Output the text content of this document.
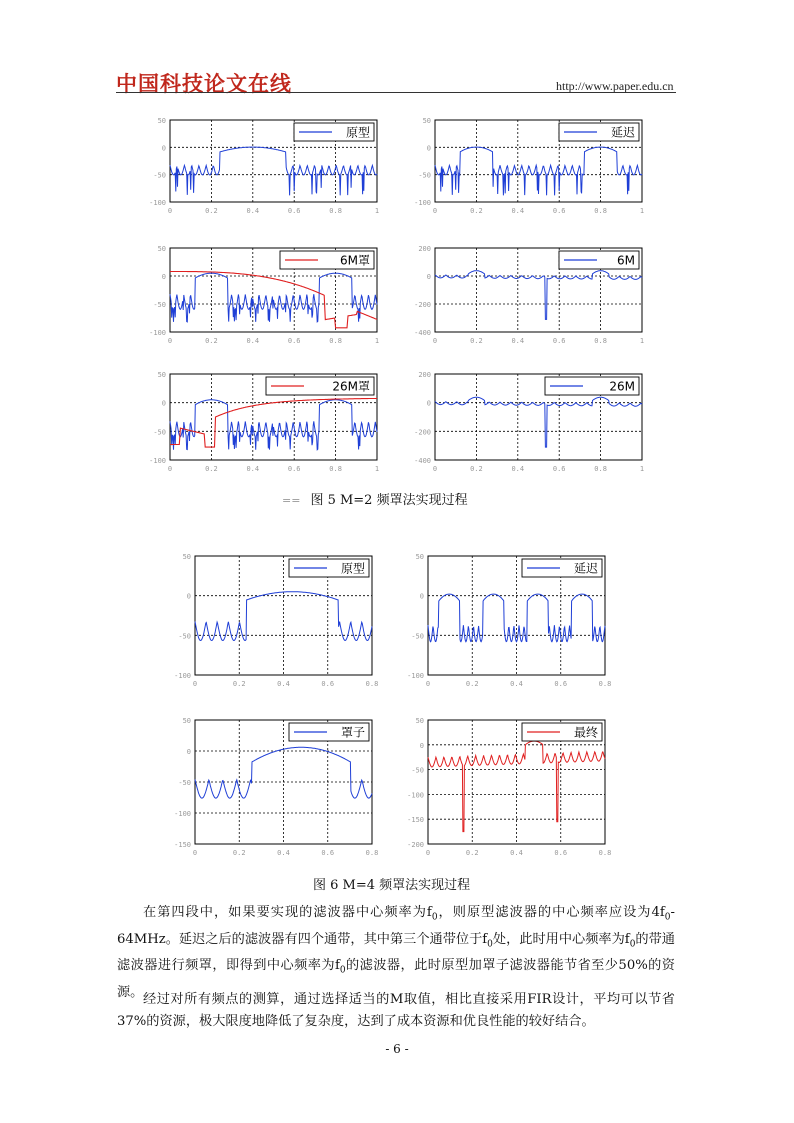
中国科技论文在线	http://www.paper.edu.cn
50
0
-50
-100
0	0.2	0.4	0.6	0.8	1
原型
50
0
-50
-100
0	0.2	0.4	0.6	0.8	1
延迟
50
0
-50
-100
0	0.2	0.4	0.6	0.8	1
6M罩
200
0
-200
-400
0	0.2	0.4	0.6	0.8	1
6M
50
0
-50
-100
0	0.2	0.4	0.6	0.8	1
26M罩
200
0
-200
-400
0	0.2	0.4	0.6	0.8	1
26M
== 图 5 M=2 频罩法实现过程
50
0
-50
-100
0	0.2	0.4	0.6	0.8
原型
50
0
-50
-100
0	0.2	0.4	0.6	0.8
延迟
50
0
-50
-100
-150
0	0.2	0.4	0.6	0.8
罩子
50
0
-50
-100
-150
-200
0	0.2	0.4	0.6	0.8
最终
图 6 M=4 频罩法实现过程

在第四段中，如果要实现的滤波器中心频率为$f_0$，则原型滤波器的中心频率应设为$4f_0-64MHz$。延迟之后的滤波器有四个通带，其中第三个通带位于$f_0$处，此时用中心频率为$f_0$的带通滤波器进行频罩，即得到中心频率为$f_0$的滤波器，此时原型加罩子滤波器能节省至少50%的资源。 经过对所有频点的测算，通过选择适当的M取值，相比直接采用FIR设计，平均可以节省37%的资源，极大限度地降低了复杂度，达到了成本资源和优良性能的较好结合。

- 6 -
